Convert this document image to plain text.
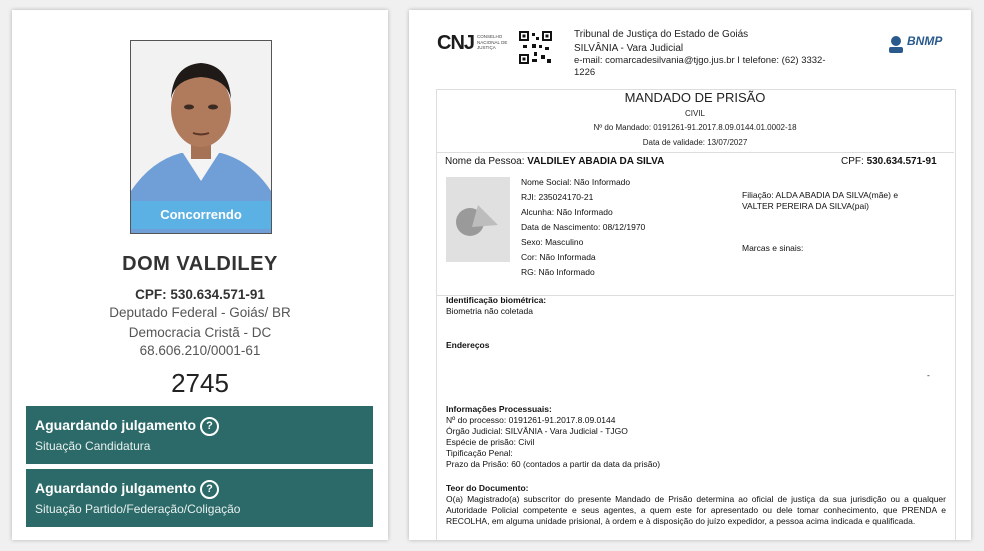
Concorrendo
DOM VALDILEY
CPF: 530.634.571-91
Deputado Federal - Goiás/ BR
Democracia Cristã - DC
68.606.210/0001-61
2745
Aguardando julgamento ?
Situação Candidatura
Aguardando julgamento ?
Situação Partido/Federação/Coligação
CNJ CONSELHO NACIONAL DE JUSTIÇA
Tribunal de Justiça do Estado de Goiás
SILVÂNIA - Vara Judicial
e-mail: comarcadesilvania@tjgo.jus.br I telefone: (62) 3332-1226
BNMP
MANDADO DE PRISÃO
CIVIL
Nº do Mandado: 0191261-91.2017.8.09.0144.01.0002-18
Data de validade: 13/07/2027
Nome da Pessoa: VALDILEY ABADIA DA SILVA	CPF: 530.634.571-91
Nome Social: Não Informado
RJI: 235024170-21
Alcunha: Não Informado
Data de Nascimento: 08/12/1970
Sexo: Masculino
Cor: Não Informada
RG: Não Informado
Filiação: ALDA ABADIA DA SILVA(mãe) e VALTER PEREIRA DA SILVA(pai)
Marcas e sinais:
Identificação biométrica:
Biometria não coletada
Endereços
-
Informações Processuais:
Nº do processo: 0191261-91.2017.8.09.0144
Órgão Judicial: SILVÂNIA - Vara Judicial - TJGO
Espécie de prisão: Civil
Tipificação Penal:
Prazo da Prisão: 60 (contados a partir da data da prisão)
Teor do Documento:
O(a) Magistrado(a) subscritor do presente Mandado de Prisão determina ao oficial de justiça da sua jurisdição ou a qualquer Autoridade Policial competente e seus agentes, a quem este for apresentado ou dele tomar conhecimento, que PRENDA e RECOLHA, em alguma unidade prisional, à ordem e à disposição do juízo expedidor, a pessoa acima indicada e qualificada.
